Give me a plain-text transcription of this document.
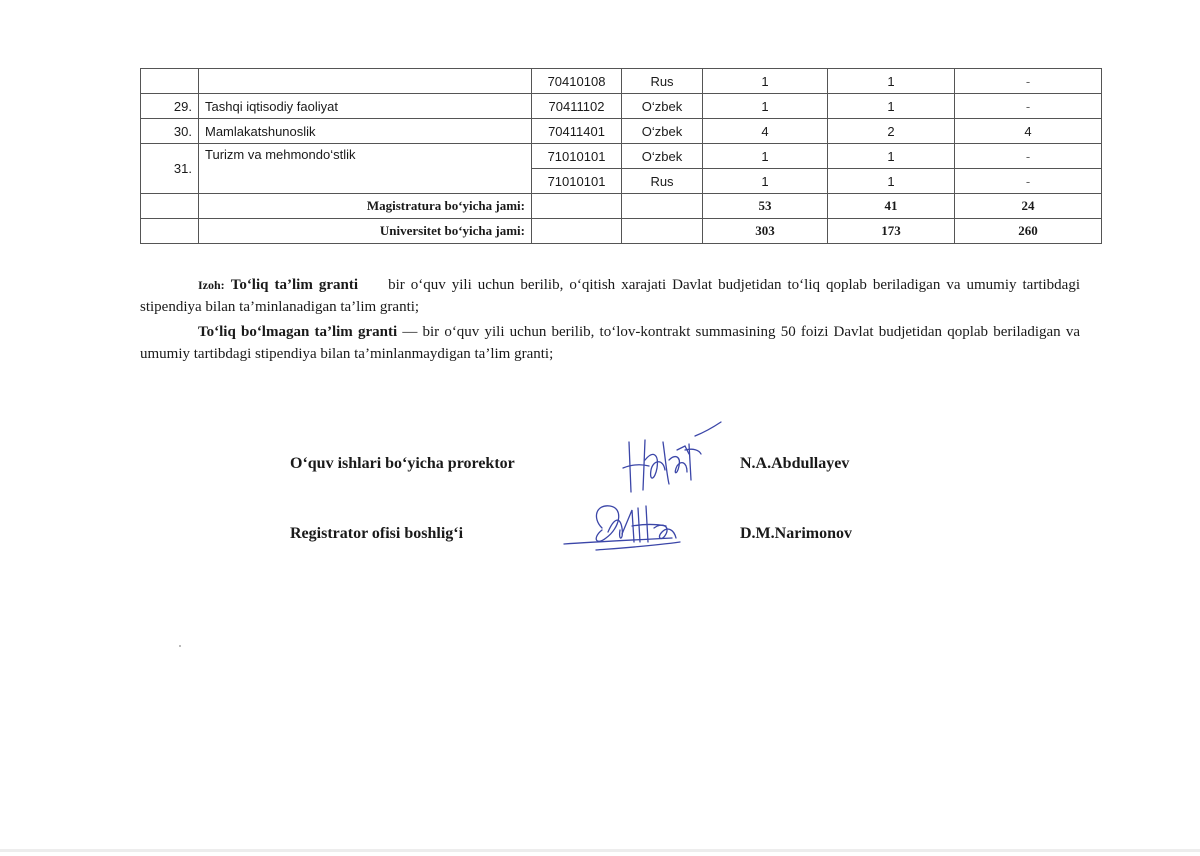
		70410108	Rus	1	1	-
29.	Tashqi iqtisodiy faoliyat	70411102	O‘zbek	1	1	-
30.	Mamlakatshunoslik	70411401	O‘zbek	4	2	4
31.	Turizm va mehmondo‘stlik	71010101	O‘zbek	1	1	-
		71010101	Rus	1	1	-
	Magistratura bo‘yicha jami:			53	41	24
	Universitet bo‘yicha jami:			303	173	260
Izoh: To‘liq ta’lim granti bir o‘quv yili uchun berilib, o‘qitish xarajati Davlat budjetidan to‘liq qoplab beriladigan va umumiy tartibdagi stipendiya bilan ta’minlanadigan ta’lim granti;
To‘liq bo‘lmagan ta’lim granti — bir o‘quv yili uchun berilib, to‘lov-kontrakt summasining 50 foizi Davlat budjetidan qoplab beriladigan va umumiy tartibdagi stipendiya bilan ta’minlanmaydigan ta’lim granti;
O‘quv ishlari bo‘yicha prorektor	N.A.Abdullayev
Registrator ofisi boshlig‘i	D.M.Narimonov
